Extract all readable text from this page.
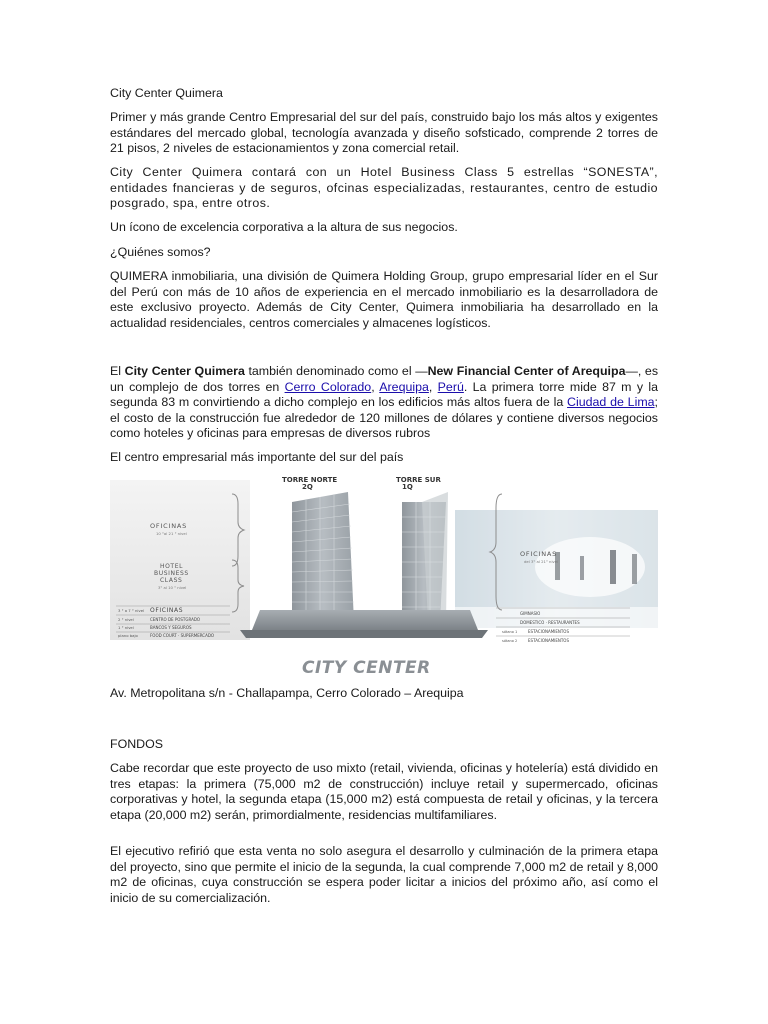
City Center Quimera

Primer y más grande Centro Empresarial del sur del país, construido bajo los más altos y exigentes estándares del mercado global, tecnología avanzada y diseño sofsticado, comprende 2 torres de 21 pisos, 2 niveles de estacionamientos y zona comercial retail.

City Center Quimera contará con un Hotel Business Class 5 estrellas “SONESTA”, entidades fnancieras y de seguros, ofcinas especializadas, restaurantes, centro de estudio posgrado, spa, entre otros.

Un ícono de excelencia corporativa a la altura de sus negocios.

¿Quiénes somos?

QUIMERA inmobiliaria, una división de Quimera Holding Group, grupo empresarial líder en el Sur del Perú con más de 10 años de experiencia en el mercado inmobiliario es la desarrolladora de este exclusivo proyecto. Además de City Center, Quimera inmobiliaria ha desarrollado en la actualidad residenciales, centros comerciales y almacenes logísticos.

El City Center Quimera también denominado como el —New Financial Center of Arequipa—, es un complejo de dos torres en Cerro Colorado, Arequipa, Perú. La primera torre mide 87 m y la segunda 83 m convirtiendo a dicho complejo en los edificios más altos fuera de la Ciudad de Lima; el costo de la construcción fue alrededor de 120 millones de dólares y contiene diversos negocios como hoteles y oficinas para empresas de diversos rubros

El centro empresarial más importante del sur del país

OFICINAS
10 °al 21 ° nivel
HOTEL
BUSINESS
CLASS
3° al 10 ° nivel
3 ° a 7 ° nivel OFICINAS
2 ° nivel	CENTRO DE POSTGRADO
1 ° nivel	BANCOS Y SEGUROS
plano bajo	FOOD COURT · SUPERMERCADO
TORRE NORTE
2Q
TORRE SUR
1Q
OFICINAS
del 3° al 21° nivel
GIMNASIO
DOMESTICO · RESTAURANTES
sótano 1	ESTACIONAMIENTOS
sótano 2	ESTACIONAMIENTOS
CITY CENTER

Av. Metropolitana s/n - Challapampa, Cerro Colorado – Arequipa

FONDOS

Cabe recordar que este proyecto de uso mixto (retail, vivienda, oficinas y hotelería) está dividido en tres etapas: la primera (75,000 m2 de construcción) incluye retail y supermercado, oficinas corporativas y hotel, la segunda etapa (15,000 m2) está compuesta de retail y oficinas, y la tercera etapa (20,000 m2) serán, primordialmente, residencias multifamiliares.

El ejecutivo refirió que esta venta no solo asegura el desarrollo y culminación de la primera etapa del proyecto, sino que permite el inicio de la segunda, la cual comprende 7,000 m2 de retail y 8,000 m2 de oficinas, cuya construcción se espera poder licitar a inicios del próximo año, así como el inicio de su comercialización.
